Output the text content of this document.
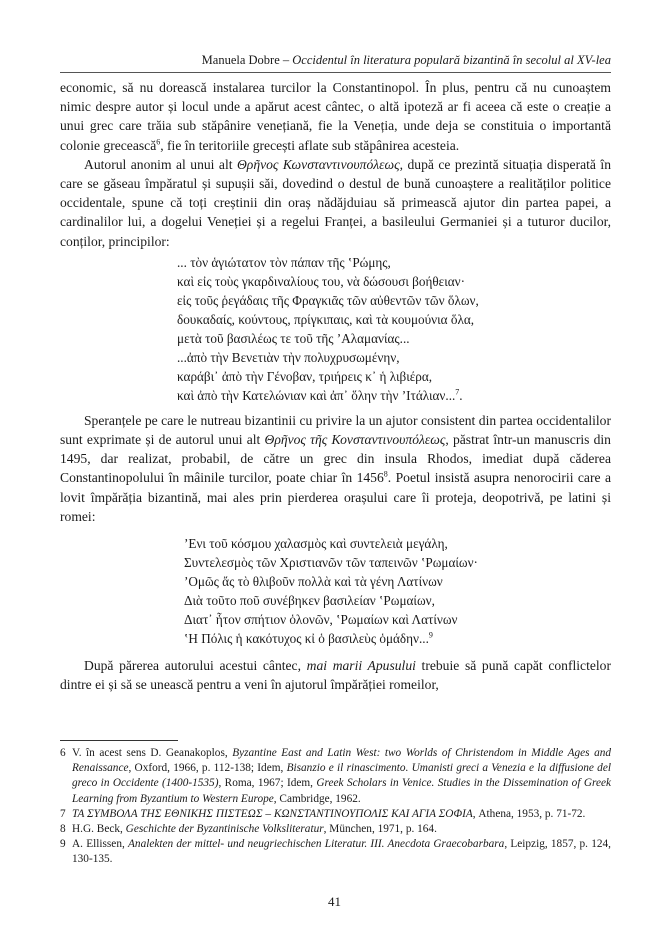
Manuela Dobre – Occidentul în literatura populară bizantină în secolul al XV-lea

economic, să nu dorească instalarea turcilor la Constantinopol. În plus, pentru că nu cunoaștem nimic despre autor și locul unde a apărut acest cântec, o altă ipoteză ar fi aceea că este o creație a unui grec care trăia sub stăpânire venețiană, fie la Veneția, unde deja se constituia o importantă colonie grecească$^6$, fie în teritoriile grecești aflate sub stăpânirea acesteia.

Autorul anonim al unui alt Θρῆνος Κωνσταντινουπόλεως, după ce prezintă situația disperată în care se găseau împăratul și supușii săi, dovedind o destul de bună cunoaștere a realităților politice occidentale, spune că toți creștinii din oraș nădăjduiau să primească ajutor din partea papei, a cardinalilor lui, a dogelui Veneției și a regelui Franței, a basileului Germaniei și a tuturor ducilor, conților, principilor:

... τὸν ἁγιώτατον τὸν πάπαν τῆς ʽΡώμης,
καὶ εἰς τοὺς γκαρδιναλίους του, νὰ δώσουσι βοήθειαν·
εἰς τοῦς ῥεγάδαις τῆς Φραγκιᾶς τῶν αὐθεντῶν τῶν ὅλων,
δουκαδαίς, κούντους, πρίγκιπαις, καὶ τὰ κουμούνια ὅλα,
μετὰ τοῦ βασιλέως τε τοῦ τῆς ʼΑλαμανίας...
...ἀπὸ τὴν Βενετιὰν τὴν πολυχρυσωμένην,
καράβι᾿ ἀπὸ τὴν Γένοβαν, τριήρεις κ᾿ ἡ λιβιέρα,
καὶ ἀπὸ τὴν Κατελώνιαν καὶ ἀπ᾿ ὅλην τὴν ʼΙτάλιαν...$^7$.

Speranțele pe care le nutreau bizantinii cu privire la un ajutor consistent din partea occidentalilor sunt exprimate și de autorul unui alt Θρῆνος τῆς Κονσταντινουπόλεως, păstrat într-un manuscris din 1495, dar realizat, probabil, de către un grec din insula Rhodos, imediat după căderea Constantinopolului în mâinile turcilor, poate chiar în 1456$^8$. Poetul insistă asupra nenorocirii care a lovit împărăția bizantină, mai ales prin pierderea orașului care îi proteja, deopotrivă, pe latini și romei:

ʼΕνι τοῦ κόσμου χαλασμὸς καὶ συντελειὰ μεγάλη,
Συντελεσμὸς τῶν Χριστιανῶν τῶν ταπεινῶν ʽΡωμαίων·
ʼΟμῶς ἄς τὸ θλιβοῦν πολλὰ καὶ τὰ γένη Λατίνων
Διὰ τοῦτο ποῦ συνέβηκεν βασιλείαν ʽΡωμαίων,
Διατ᾿ ἦτον σπήτιον ὁλονῶν, ʽΡωμαίων καὶ Λατίνων
ʽΗ Πόλις ἡ κακότυχος κἰ ὁ βασιλεὺς ὁμάδην...$^9$

După părerea autorului acestui cântec, mai marii Apusului trebuie să pună capăt conflictelor dintre ei și să se unească pentru a veni în ajutorul împărăției romeilor,

6 V. în acest sens D. Geanakoplos, Byzantine East and Latin West: two Worlds of Christendom in Middle Ages and Renaissance, Oxford, 1966, p. 112-138; Idem, Bisanzio e il rinascimento. Umanisti greci a Venezia e la diffusione del greco in Occidente (1400-1535), Roma, 1967; Idem, Greek Scholars in Venice. Studies in the Dissemination of Greek Learning from Byzantium to Western Europe, Cambridge, 1962.
7 ΤΑ ΣΥΜΒΟΛΑ ΤΗΣ ΕΘΝΙΚΗΣ ΠΙΣΤΕΩΣ – ΚΩΝΣΤΑΝΤΙΝΟΥΠΟΛΙΣ ΚΑΙ ΑΓΙΑ ΣΟΦΙΑ, Athena, 1953, p. 71-72.
8 H.G. Beck, Geschichte der Byzantinische Volksliteratur, München, 1971, p. 164.
9 A. Ellissen, Analekten der mittel- und neugriechischen Literatur. III. Anecdota Graecobarbara, Leipzig, 1857, p. 124, 130-135.
41
